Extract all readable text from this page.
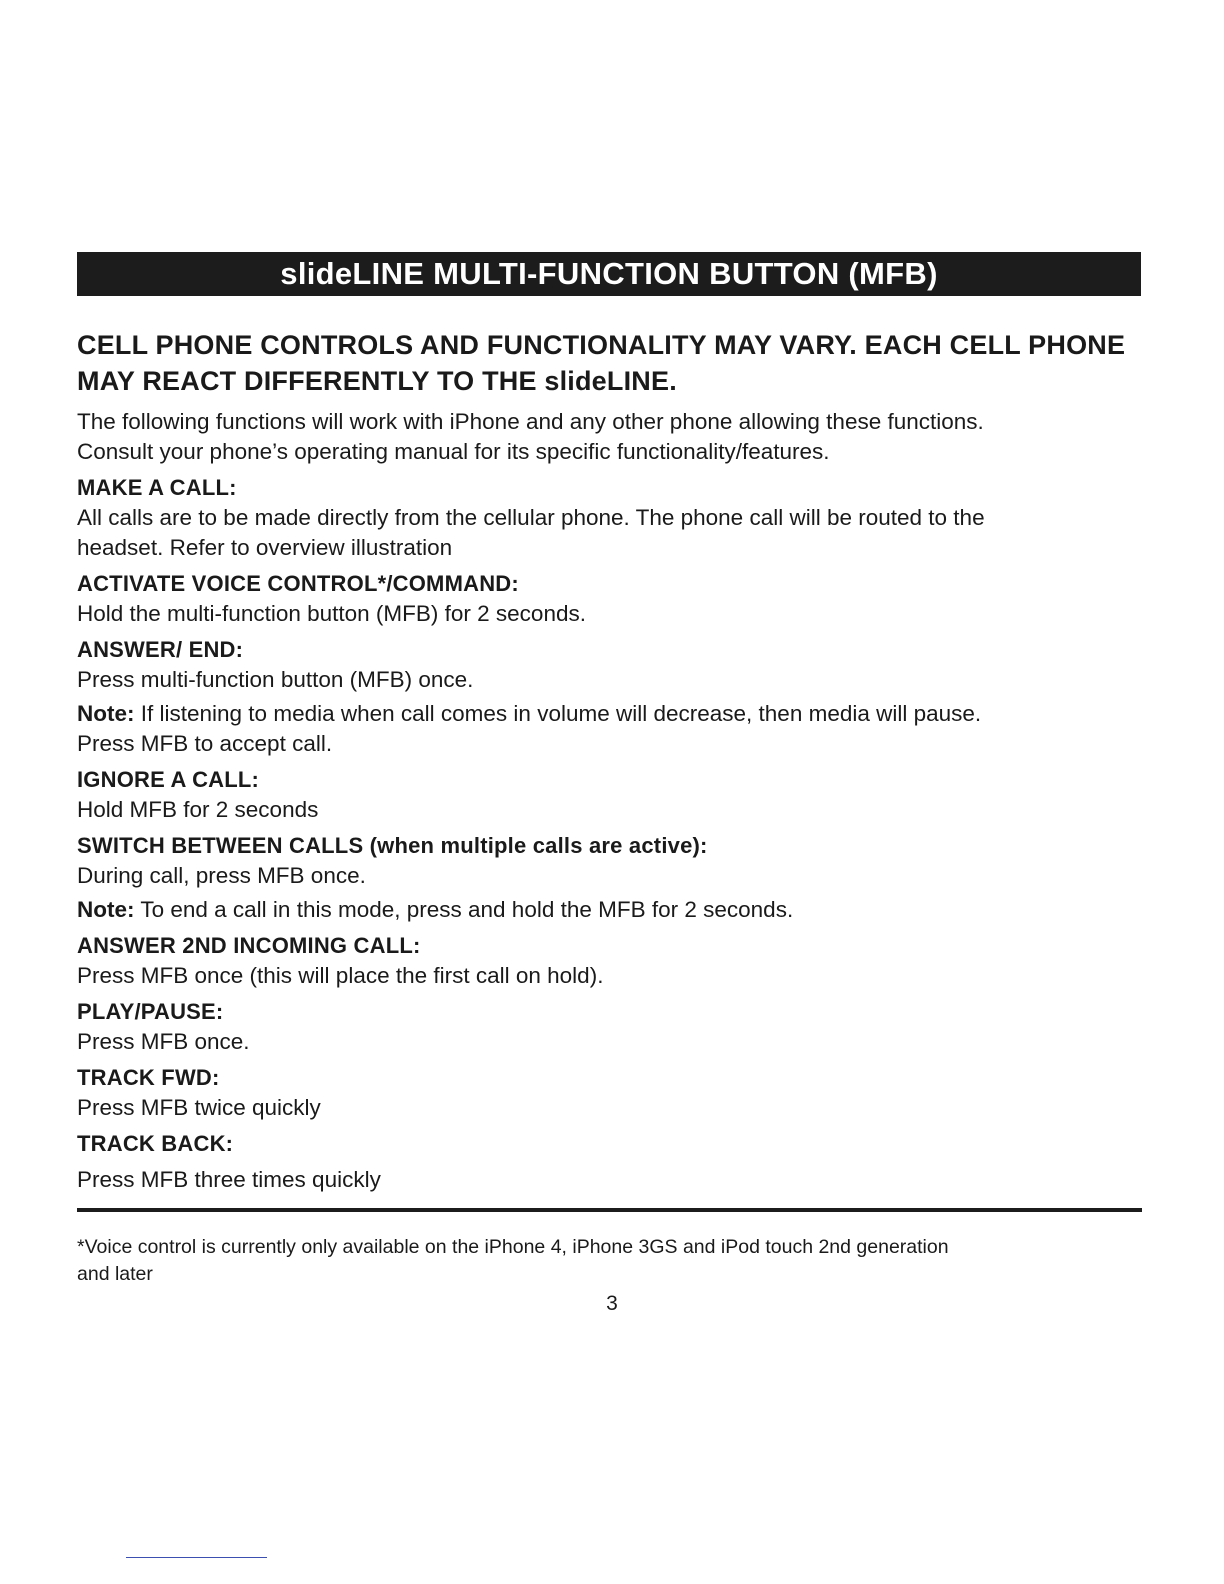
slideLINE MULTI-FUNCTION BUTTON (MFB)
CELL PHONE CONTROLS AND FUNCTIONALITY MAY VARY. EACH CELL PHONE MAY REACT DIFFERENTLY TO THE slideLINE.
The following functions will work with iPhone and any other phone allowing these functions.
Consult your phone’s operating manual for its specific functionality/features.
MAKE A CALL:
All calls are to be made directly from the cellular phone. The phone call will be routed to the
headset. Refer to overview illustration
ACTIVATE VOICE CONTROL*/COMMAND:
Hold the multi-function button (MFB) for 2 seconds.
ANSWER/ END:
Press multi-function button (MFB) once.
Note: If listening to media when call comes in volume will decrease, then media will pause.
Press MFB to accept call.
IGNORE A CALL:
Hold MFB for 2 seconds
SWITCH BETWEEN CALLS (when multiple calls are active):
During call, press MFB once.
Note: To end a call in this mode, press and hold the MFB for 2 seconds.
ANSWER 2ND INCOMING CALL:
Press MFB once (this will place the first call on hold).
PLAY/PAUSE:
Press MFB once.
TRACK FWD:
Press MFB twice quickly
TRACK BACK:
Press MFB three times quickly
*Voice control is currently only available on the iPhone 4, iPhone 3GS and iPod touch 2nd generation
and later
3
